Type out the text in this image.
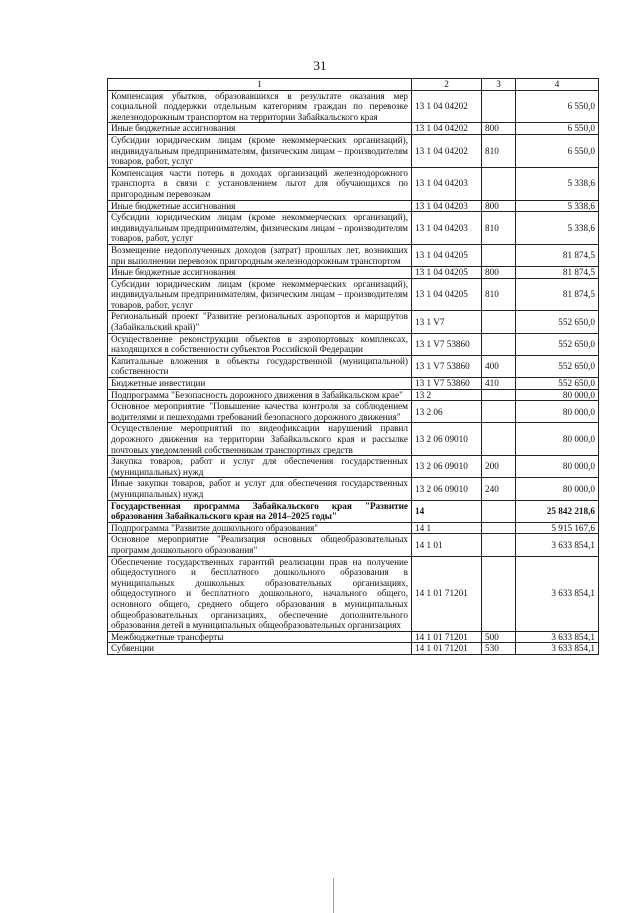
31
1	2	3	4
Компенсация убытков, образовавшихся в результате оказания мер социальной поддержки отдельным категориям граждан по перевозке железнодорожным транспортом на территории Забайкальского края	13 1 04 04202		6 550,0
Иные бюджетные ассигнования	13 1 04 04202	800	6 550,0
Субсидии юридическим лицам (кроме некоммерческих организаций), индивидуальным предпринимателям, физическим лицам – производителям товаров, работ, услуг	13 1 04 04202	810	6 550,0
Компенсация части потерь в доходах организаций железнодорожного транспорта в связи с установлением льгот для обучающихся по пригородным перевозкам	13 1 04 04203		5 338,6
Иные бюджетные ассигнования	13 1 04 04203	800	5 338,6
Субсидии юридическим лицам (кроме некоммерческих организаций), индивидуальным предпринимателям, физическим лицам – производителям товаров, работ, услуг	13 1 04 04203	810	5 338,6
Возмещение недополученных доходов (затрат) прошлых лет, возникших при выполнении перевозок пригородным железнодорожным транспортом	13 1 04 04205		81 874,5
Иные бюджетные ассигнования	13 1 04 04205	800	81 874,5
Субсидии юридическим лицам (кроме некоммерческих организаций), индивидуальным предпринимателям, физическим лицам – производителям товаров, работ, услуг	13 1 04 04205	810	81 874,5
Региональный проект "Развитие региональных аэропортов и маршрутов (Забайкальский край)"	13 1 V7		552 650,0
Осуществление реконструкции объектов в аэропортовых комплексах, находящихся в собственности субъектов Российской Федерации	13 1 V7 53860		552 650,0
Капитальные вложения в объекты государственной (муниципальной) собственности	13 1 V7 53860	400	552 650,0
Бюджетные инвестиции	13 1 V7 53860	410	552 650,0
Подпрограмма "Безопасность дорожного движения в Забайкальском крае"	13 2		80 000,0
Основное мероприятие "Повышение качества контроля за соблюдением водителями и пешеходами требований безопасного дорожного движения"	13 2 06		80 000,0
Осуществление мероприятий по видеофиксации нарушений правил дорожного движения на территории Забайкальского края и рассылке почтовых уведомлений собственникам транспортных средств	13 2 06 09010		80 000,0
Закупка товаров, работ и услуг для обеспечения государственных (муниципальных) нужд	13 2 06 09010	200	80 000,0
Иные закупки товаров, работ и услуг для обеспечения государственных (муниципальных) нужд	13 2 06 09010	240	80 000,0
Государственная программа Забайкальского края "Развитие образования Забайкальского края на 2014–2025 годы"	14		25 842 218,6
Подпрограмма "Развитие дошкольного образования"	14 1		5 915 167,6
Основное мероприятие "Реализация основных общеобразовательных программ дошкольного образования"	14 1 01		3 633 854,1
Обеспечение государственных гарантий реализации прав на получение общедоступного и бесплатного дошкольного образования в муниципальных дошкольных образовательных организациях, общедоступного и бесплатного дошкольного, начального общего, основного общего, среднего общего образования в муниципальных общеобразовательных организациях, обеспечение дополнительного образования детей в муниципальных общеобразовательных организациях	14 1 01 71201		3 633 854,1
Межбюджетные трансферты	14 1 01 71201	500	3 633 854,1
Субвенции	14 1 01 71201	530	3 633 854,1
